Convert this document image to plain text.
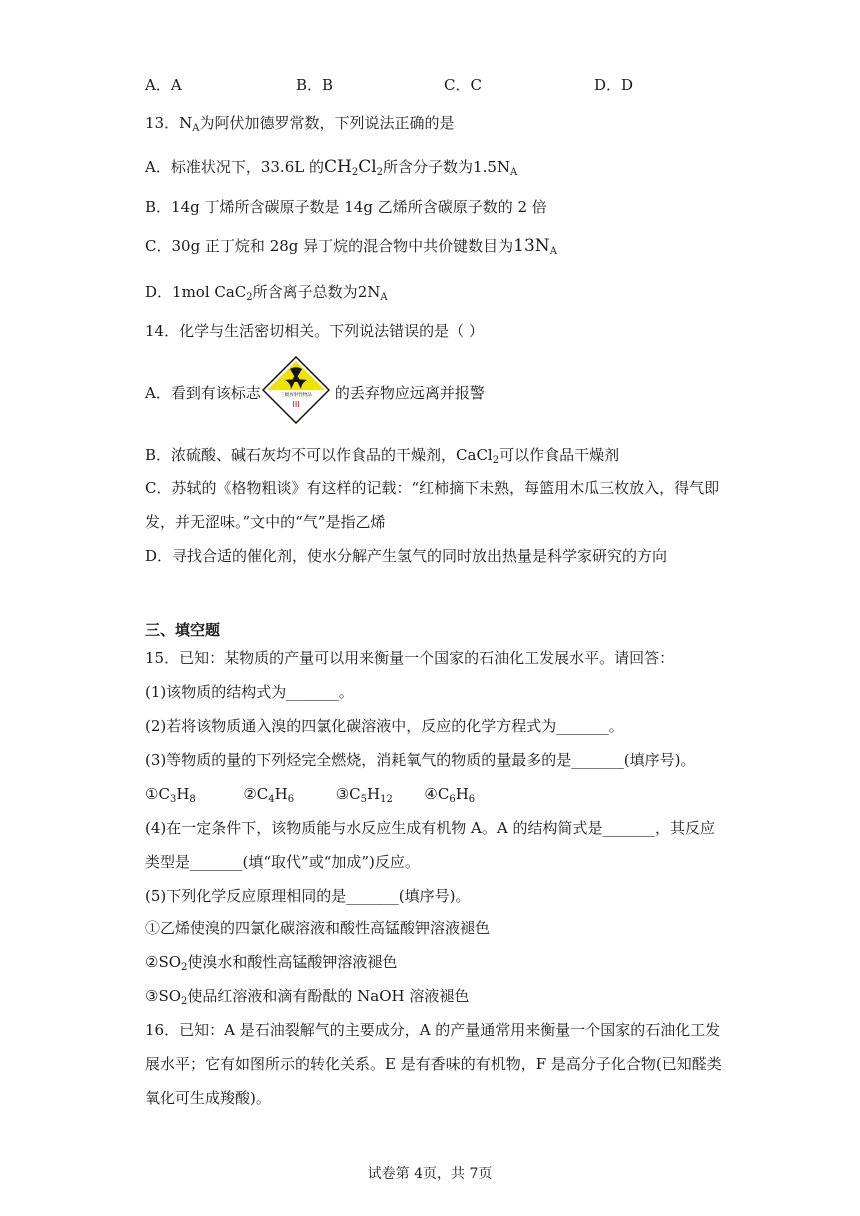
A．A	B．B	C．C	D．D
13．$N_A$为阿伏加德罗常数，下列说法正确的是
A．标准状况下，33.6L 的$CH_2Cl_2$所含分子数为$1.5N_A$
B．14g 丁烯所含碳原子数是 14g 乙烯所含碳原子数的 2 倍
C．30g 正丁烷和 28g 异丁烷的混合物中共价键数目为$13N_A$
D．1mol CaC$_2$所含离子总数为$2N_A$
14．化学与生活密切相关。下列说法错误的是（ ）
A．看到有该标志	的丢弃物应远离并报警
三级放射性物品
III
B．浓硫酸、碱石灰均不可以作食品的干燥剂，CaCl$_2$可以作食品干燥剂
C．苏轼的《格物粗谈》有这样的记载：“红柿摘下未熟，每篮用木瓜三枚放入，得气即
发，并无涩味。”文中的“气”是指乙烯
D．寻找合适的催化剂，使水分解产生氢气的同时放出热量是科学家研究的方向
三、填空题
15．已知：某物质的产量可以用来衡量一个国家的石油化工发展水平。请回答：
(1)该物质的结构式为_______。
(2)若将该物质通入溴的四氯化碳溶液中，反应的化学方程式为_______。
(3)等物质的量的下列烃完全燃烧，消耗氧气的物质的量最多的是_______(填序号)。
$①C_3H_8$	$②C_4H_6$	$③C_5H_{12}$ $④C_6H_6$
(4)在一定条件下，该物质能与水反应生成有机物 A。A 的结构简式是_______，其反应
类型是_______(填“取代”或“加成”)反应。
(5)下列化学反应原理相同的是_______(填序号)。
①乙烯使溴的四氯化碳溶液和酸性高锰酸钾溶液褪色
$②SO_2$使溴水和酸性高锰酸钾溶液褪色
$③SO_2$使品红溶液和滴有酚酞的 NaOH 溶液褪色
16．已知：A 是石油裂解气的主要成分，A 的产量通常用来衡量一个国家的石油化工发
展水平；它有如图所示的转化关系。E 是有香味的有机物，F 是高分子化合物(已知醛类
氧化可生成羧酸)。
试卷第 4页，共 7页
